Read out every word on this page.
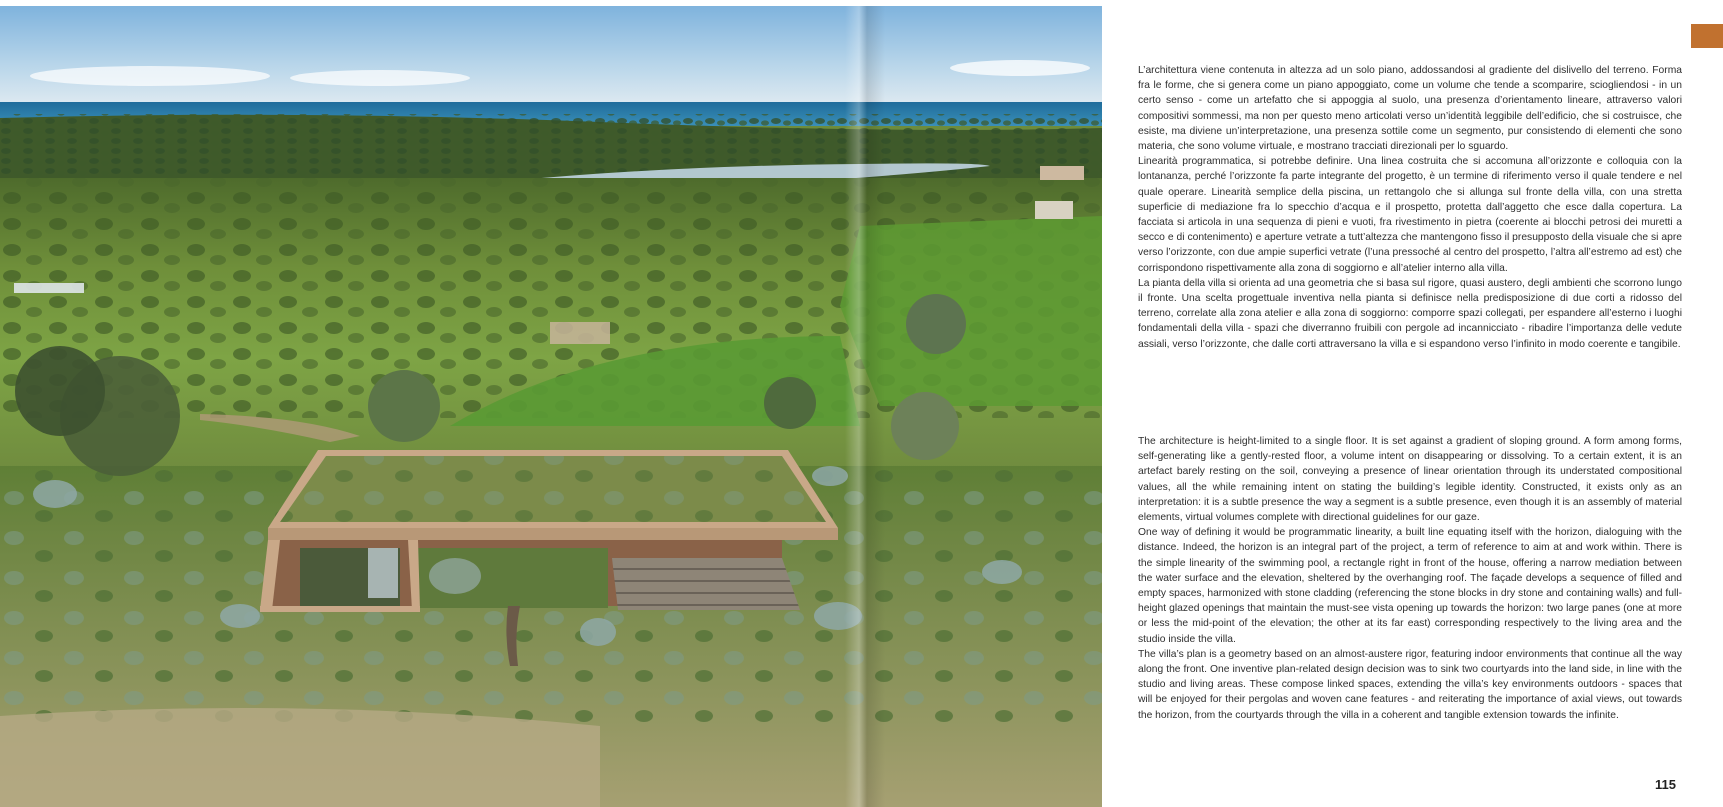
L’architettura viene contenuta in altezza ad un solo piano, addossandosi al gradiente del dislivello del terreno. Forma fra le forme, che si genera come un piano appoggiato, come un volume che tende a scomparire, sciogliendosi - in un certo senso - come un artefatto che si appoggia al suolo, una presenza d’orientamento lineare, attraverso valori compositivi sommessi, ma non per questo meno articolati verso un’identità leggibile dell’edificio, che si costruisce, che esiste, ma diviene un’interpretazione, una presenza sottile come un segmento, pur consistendo di elementi che sono materia, che sono volume virtuale, e mostrano tracciati direzionali per lo sguardo.

Linearità programmatica, si potrebbe definire. Una linea costruita che si accomuna all’orizzonte e colloquia con la lontananza, perché l’orizzonte fa parte integrante del progetto, è un termine di riferimento verso il quale tendere e nel quale operare. Linearità semplice della piscina, un rettangolo che si allunga sul fronte della villa, con una stretta superficie di mediazione fra lo specchio d’acqua e il prospetto, protetta dall’aggetto che esce dalla copertura. La facciata si articola in una sequenza di pieni e vuoti, fra rivestimento in pietra (coerente ai blocchi petrosi dei muretti a secco e di contenimento) e aperture vetrate a tutt’altezza che mantengono fisso il presupposto della visuale che si apre verso l’orizzonte, con due ampie superfici vetrate (l’una pressoché al centro del prospetto, l’altra all’estremo ad est) che corrispondono rispettivamente alla zona di soggiorno e all’atelier interno alla villa.

La pianta della villa si orienta ad una geometria che si basa sul rigore, quasi austero, degli ambienti che scorrono lungo il fronte. Una scelta progettuale inventiva nella pianta si definisce nella predisposizione di due corti a ridosso del terreno, correlate alla zona atelier e alla zona di soggiorno: comporre spazi collegati, per espandere all’esterno i luoghi fondamentali della villa - spazi che diverranno fruibili con pergole ad incannicciato - ribadire l’importanza delle vedute assiali, verso l’orizzonte, che dalle corti attraversano la villa e si espandono verso l’infinito in modo coerente e tangibile.

The architecture is height-limited to a single floor. It is set against a gradient of sloping ground. A form among forms, self-generating like a gently-rested floor, a volume intent on disappearing or dissolving. To a certain extent, it is an artefact barely resting on the soil, conveying a presence of linear orientation through its understated compositional values, all the while remaining intent on stating the building’s legible identity. Constructed, it exists only as an interpretation: it is a subtle presence the way a segment is a subtle presence, even though it is an assembly of material elements, virtual volumes complete with directional guidelines for our gaze.

One way of defining it would be programmatic linearity, a built line equating itself with the horizon, dialoguing with the distance. Indeed, the horizon is an integral part of the project, a term of reference to aim at and work within. There is the simple linearity of the swimming pool, a rectangle right in front of the house, offering a narrow mediation between the water surface and the elevation, sheltered by the overhanging roof. The façade develops a sequence of filled and empty spaces, harmonized with stone cladding (referencing the stone blocks in dry stone and containing walls) and full-height glazed openings that maintain the must-see vista opening up towards the horizon: two large panes (one at more or less the mid-point of the elevation; the other at its far east) corresponding respectively to the living area and the studio inside the villa.

The villa’s plan is a geometry based on an almost-austere rigor, featuring indoor environments that continue all the way along the front. One inventive plan-related design decision was to sink two courtyards into the land side, in line with the studio and living areas. These compose linked spaces, extending the villa’s key environments outdoors - spaces that will be enjoyed for their pergolas and woven cane features - and reiterating the importance of axial views, out towards the horizon, from the courtyards through the villa in a coherent and tangible extension towards the infinite.

115
